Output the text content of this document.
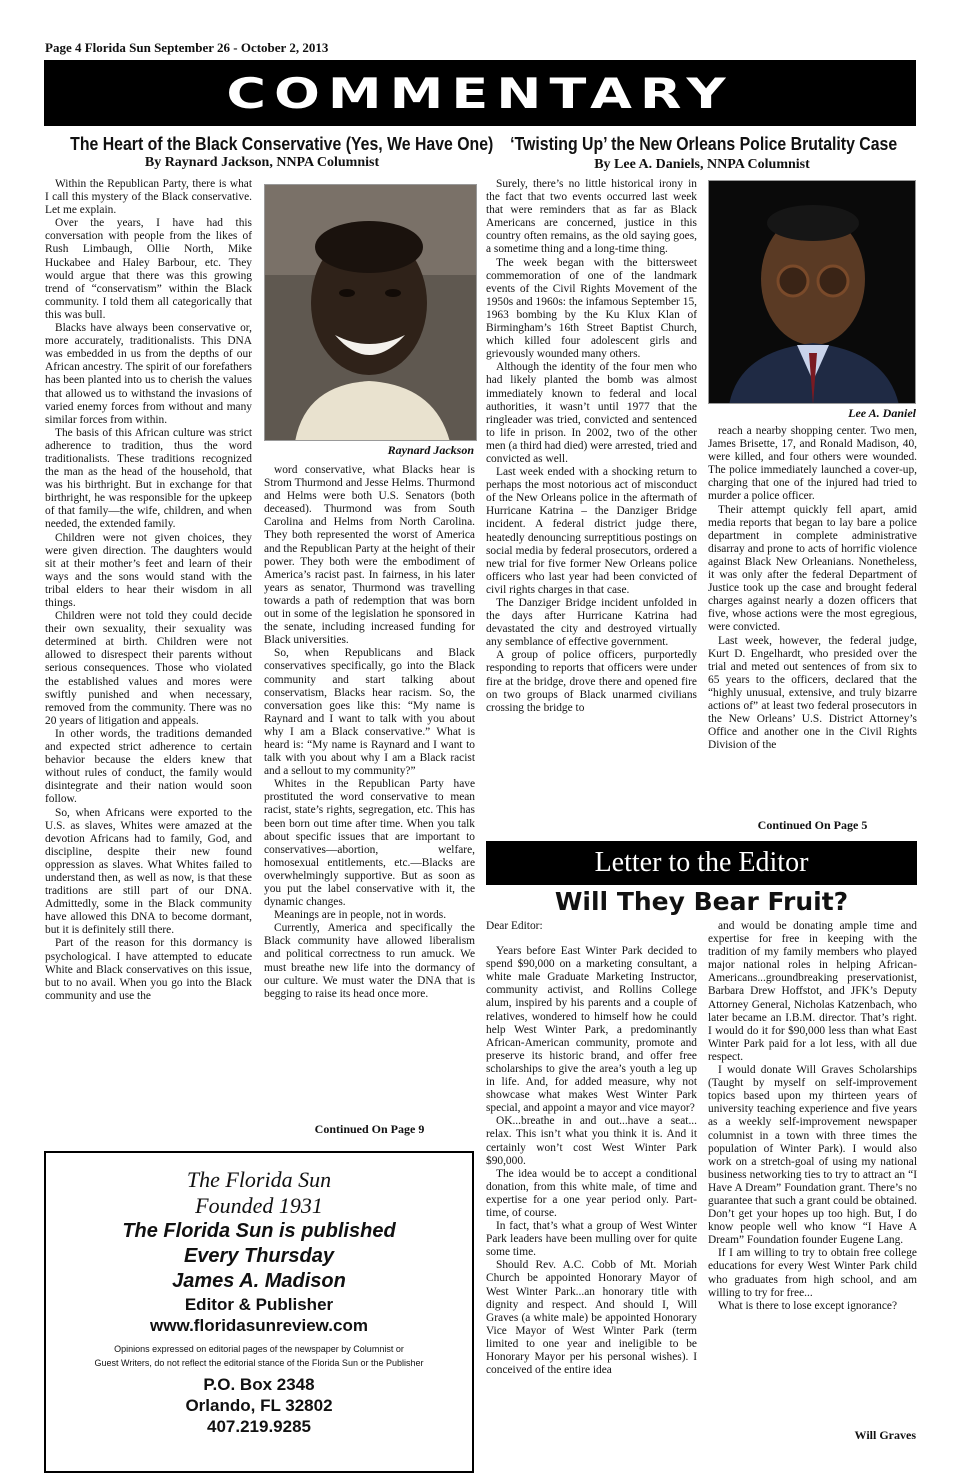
Page 4 Florida Sun September 26 - October 2, 2013
COMMENTARY
The Heart of the Black Conservative (Yes, We Have One)
By Raynard Jackson, NNPA Columnist

Within the Republican Party, there is what I call this mystery of the Black conservative. Let me explain.

Over the years, I have had this conversation with people from the likes of Rush Limbaugh, Ollie North, Mike Huckabee and Haley Barbour, etc. They would argue that there was this growing trend of “conservatism” within the Black community. I told them all categorically that this was bull.

Blacks have always been conservative or, more accurately, traditionalists. This DNA was embedded in us from the depths of our African ancestry. The spirit of our forefathers has been planted into us to cherish the values that allowed us to withstand the invasions of varied enemy forces from without and many similar forces from within.

The basis of this African culture was strict adherence to tradition, thus the word traditionalists. These traditions recognized the man as the head of the household, that was his birthright. But in exchange for that birthright, he was responsible for the upkeep of that family—the wife, children, and when needed, the extended family.

Children were not given choices, they were given direction. The daughters would sit at their mother’s feet and learn of their ways and the sons would stand with the tribal elders to hear their wisdom in all things.

Children were not told they could decide their own sexuality, their sexuality was determined at birth. Children were not allowed to disrespect their parents without serious consequences. Those who violated the established values and mores were swiftly punished and when necessary, removed from the community. There was no 20 years of litigation and appeals.

In other words, the traditions demanded and expected strict adherence to certain behavior because the elders knew that without rules of conduct, the family would disintegrate and their nation would soon follow.

So, when Africans were exported to the U.S. as slaves, Whites were amazed at the devotion Africans had to family, God, and discipline, despite their new found oppression as slaves. What Whites failed to understand then, as well as now, is that these traditions are still part of our DNA. Admittedly, some in the Black community have allowed this DNA to become dormant, but it is definitely still there.

Part of the reason for this dormancy is psychological. I have attempted to educate White and Black conservatives on this issue, but to no avail. When you go into the Black community and use the

Raynard Jackson

word conservative, what Blacks hear is Strom Thurmond and Jesse Helms. Thurmond and Helms were both U.S. Senators (both deceased). Thurmond was from South Carolina and Helms from North Carolina. They both represented the worst of America and the Republican Party at the height of their power. They both were the embodiment of America’s racist past. In fairness, in his later years as senator, Thurmond was travelling towards a path of redemption that was born out in some of the legislation he sponsored in the senate, including increased funding for Black universities.

So, when Republicans and Black conservatives specifically, go into the Black community and start talking about conservatism, Blacks hear racism. So, the conversation goes like this: “My name is Raynard and I want to talk with you about why I am a Black conservative.” What is heard is: “My name is Raynard and I want to talk with you about why I am a Black racist and a sellout to my community?”

Whites in the Republican Party have prostituted the word conservative to mean racist, state’s rights, segregation, etc. This has been born out time after time. When you talk about specific issues that are important to conservatives—abortion, welfare, homosexual entitlements, etc.—Blacks are overwhelmingly supportive. But as soon as you put the label conservative with it, the dynamic changes.

Meanings are in people, not in words.

Currently, America and specifically the Black community have allowed liberalism and political correctness to run amuck. We must breathe new life into the dormancy of our culture. We must water the DNA that is begging to raise its head once more.

Continued On Page 9
‘Twisting Up’ the New Orleans Police Brutality Case
By Lee A. Daniels, NNPA Columnist

Surely, there’s no little historical irony in the fact that two events occurred last week that were reminders that as far as Black Americans are concerned, justice in this country often remains, as the old saying goes, a sometime thing and a long-time thing.

The week began with the bittersweet commemoration of one of the landmark events of the Civil Rights Movement of the 1950s and 1960s: the infamous September 15, 1963 bombing by the Ku Klux Klan of Birmingham’s 16th Street Baptist Church, which killed four adolescent girls and grievously wounded many others.

Although the identity of the four men who had likely planted the bomb was almost immediately known to federal and local authorities, it wasn’t until 1977 that the ringleader was tried, convicted and sentenced to life in prison. In 2002, two of the other men (a third had died) were arrested, tried and convicted as well.

Last week ended with a shocking return to perhaps the most notorious act of misconduct of the New Orleans police in the aftermath of Hurricane Katrina – the Danziger Bridge incident. A federal district judge there, heatedly denouncing surreptitious postings on social media by federal prosecutors, ordered a new trial for five former New Orleans police officers who last year had been convicted of civil rights charges in that case.

The Danziger Bridge incident unfolded in the days after Hurricane Katrina had devastated the city and destroyed virtually any semblance of effective government.

A group of police officers, purportedly responding to reports that officers were under fire at the bridge, drove there and opened fire on two groups of Black unarmed civilians crossing the bridge to

Lee A. Daniel

reach a nearby shopping center. Two men, James Brisette, 17, and Ronald Madison, 40, were killed, and four others were wounded. The police immediately launched a cover-up, charging that one of the injured had tried to murder a police officer.

Their attempt quickly fell apart, amid media reports that began to lay bare a police department in complete administrative disarray and prone to acts of horrific violence against Black New Orleanians. Nonetheless, it was only after the federal Department of Justice took up the case and brought federal charges against nearly a dozen officers that five, whose actions were the most egregious, were convicted.

Last week, however, the federal judge, Kurt D. Engelhardt, who presided over the trial and meted out sentences of from six to 65 years to the officers, declared that the “highly unusual, extensive, and truly bizarre actions of” at least two federal prosecutors in the New Orleans’ U.S. District Attorney’s Office and another one in the Civil Rights Division of the

Continued On Page 5
Letter to the Editor
Will They Bear Fruit?

Dear Editor:

Years before East Winter Park decided to spend $90,000 on a marketing consultant, a white male Graduate Marketing Instructor, community activist, and Rollins College alum, inspired by his parents and a couple of relatives, wondered to himself how he could help West Winter Park, a predominantly African-American community, promote and preserve its historic brand, and offer free scholarships to give the area’s youth a leg up in life. And, for added measure, why not showcase what makes West Winter Park special, and appoint a mayor and vice mayor?

OK...breathe in and out...have a seat... relax. This isn’t what you think it is. And it certainly won’t cost West Winter Park $90,000.

The idea would be to accept a conditional donation, from this white male, of time and expertise for a one year period only. Part-time, of course.

In fact, that’s what a group of West Winter Park leaders have been mulling over for quite some time.

Should Rev. A.C. Cobb of Mt. Moriah Church be appointed Honorary Mayor of West Winter Park...an honorary title with dignity and respect. And should I, Will Graves (a white male) be appointed Honorary Vice Mayor of West Winter Park (term limited to one year and ineligible to be Honorary Mayor per his personal wishes). I conceived of the entire idea

and would be donating ample time and expertise for free in keeping with the tradition of my family members who played major national roles in helping African-Americans...groundbreaking preservationist, Barbara Drew Hoffstot, and JFK’s Deputy Attorney General, Nicholas Katzenbach, who later became an I.B.M. director. That’s right. I would do it for $90,000 less than what East Winter Park paid for a lot less, with all due respect.

I would donate Will Graves Scholarships (Taught by myself on self-improvement topics based upon my thirteen years of university teaching experience and five years as a weekly self-improvement newspaper columnist in a town with three times the population of Winter Park). I would also work on a stretch-goal of using my national business networking ties to try to attract an “I Have A Dream” Foundation grant. There’s no guarantee that such a grant could be obtained. Don’t get your hopes up too high. But, I do know people well who know “I Have A Dream” Foundation founder Eugene Lang.

If I am willing to try to obtain free college educations for every West Winter Park child who graduates from high school, and am willing to try for free...

What is there to lose except ignorance?

Will Graves
The Florida Sun
Founded 1931
The Florida Sun is published
Every Thursday
James A. Madison
Editor & Publisher
www.floridasunreview.com
Opinions expressed on editorial pages of the newspaper by Columnist or
Guest Writers, do not reflect the editorial stance of the Florida Sun or the Publisher
P.O. Box 2348
Orlando, FL 32802
407.219.9285
